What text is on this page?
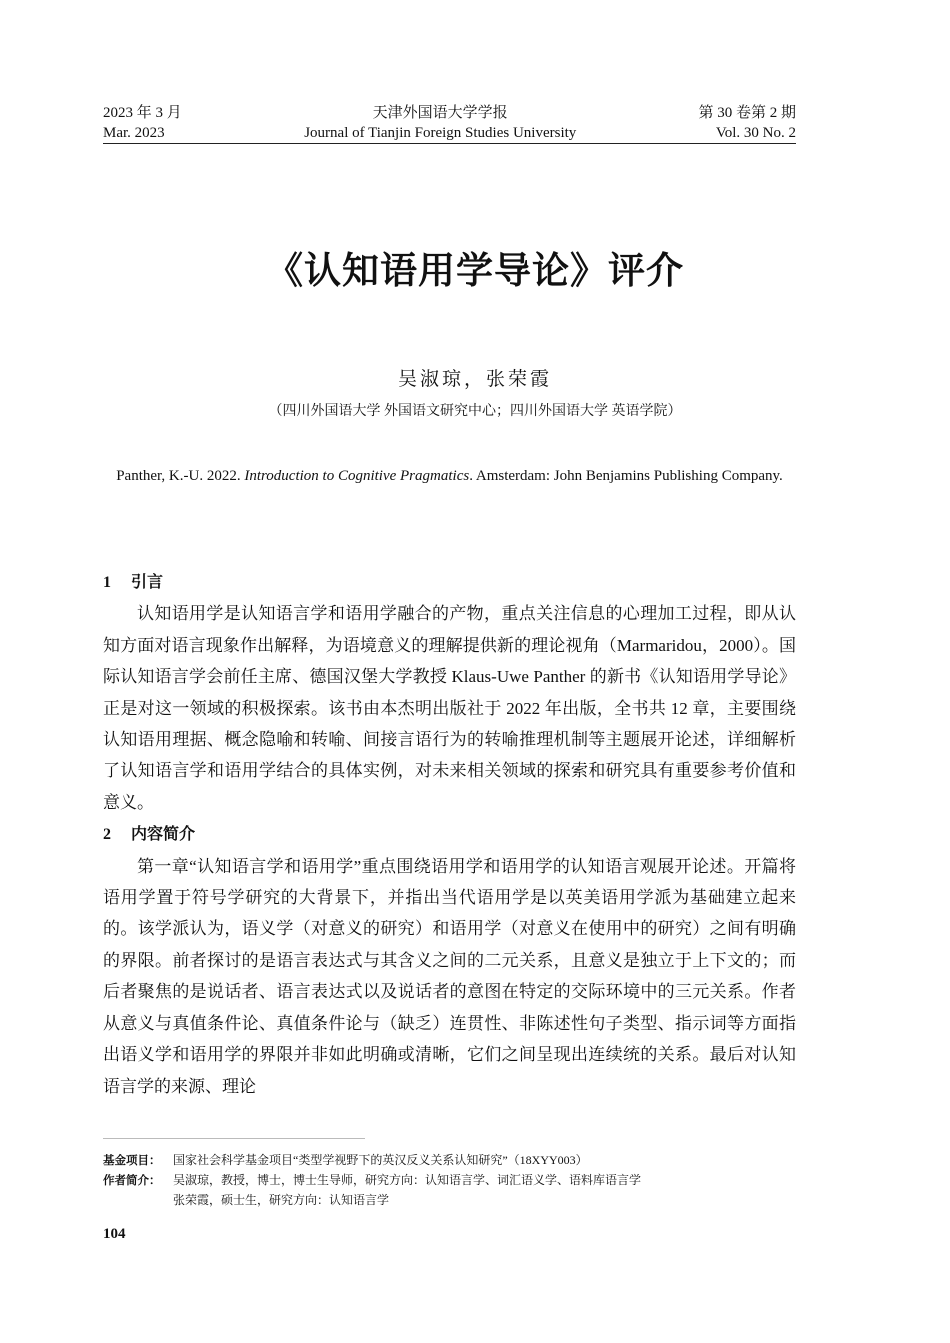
2023 年 3 月	天津外国语大学学报	第 30 卷第 2 期
Mar. 2023	Journal of Tianjin Foreign Studies University	Vol. 30 No. 2
《认知语用学导论》评介
吴淑琼，张荣霞
（四川外国语大学 外国语文研究中心；四川外国语大学 英语学院）
Panther, K.-U. 2022. Introduction to Cognitive Pragmatics. Amsterdam: John Benjamins Publishing Company.
1 引言

认知语用学是认知语言学和语用学融合的产物，重点关注信息的心理加工过程，即从认知方面对语言现象作出解释，为语境意义的理解提供新的理论视角（Marmaridou，2000）。国际认知语言学会前任主席、德国汉堡大学教授 Klaus-Uwe Panther 的新书《认知语用学导论》正是对这一领域的积极探索。该书由本杰明出版社于 2022 年出版，全书共 12 章，主要围绕认知语用理据、概念隐喻和转喻、间接言语行为的转喻推理机制等主题展开论述，详细解析了认知语言学和语用学结合的具体实例，对未来相关领域的探索和研究具有重要参考价值和意义。

2 内容简介

第一章“认知语言学和语用学”重点围绕语用学和语用学的认知语言观展开论述。开篇将语用学置于符号学研究的大背景下，并指出当代语用学是以英美语用学派为基础建立起来的。该学派认为，语义学（对意义的研究）和语用学（对意义在使用中的研究）之间有明确的界限。前者探讨的是语言表达式与其含义之间的二元关系，且意义是独立于上下文的；而后者聚焦的是说话者、语言表达式以及说话者的意图在特定的交际环境中的三元关系。作者从意义与真值条件论、真值条件论与（缺乏）连贯性、非陈述性句子类型、指示词等方面指出语义学和语用学的界限并非如此明确或清晰，它们之间呈现出连续统的关系。最后对认知语言学的来源、理论

基金项目：	国家社会科学基金项目“类型学视野下的英汉反义关系认知研究”（18XYY003）
作者简介：	吴淑琼，教授，博士，博士生导师，研究方向：认知语言学、词汇语义学、语料库语言学
张荣霞，硕士生，研究方向：认知语言学
104
